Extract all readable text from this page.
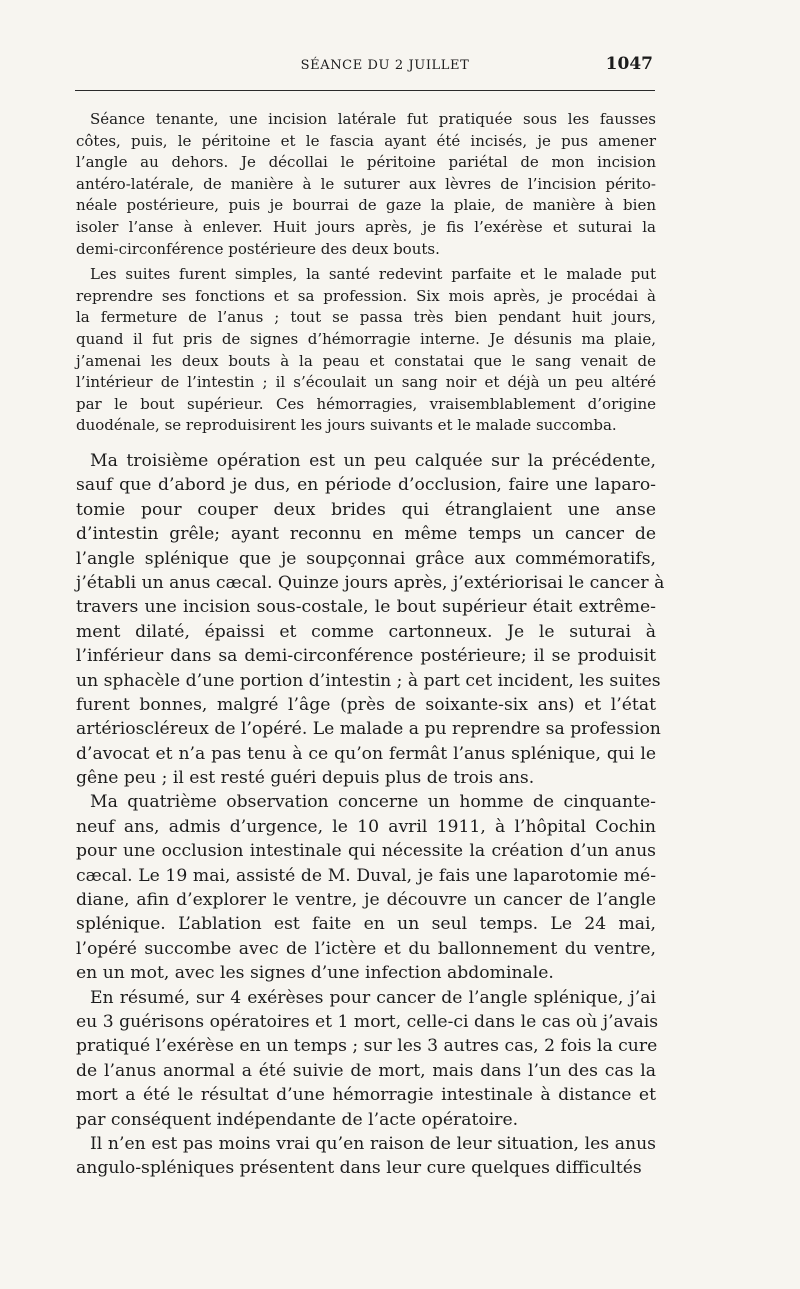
SÉANCE DU 2 JUILLET	1047
Séance tenante, une incision latérale fut pratiquée sous les fausses
côtes, puis, le péritoine et le fascia ayant été incisés, je pus amener
l’angle au dehors. Je décollai le péritoine pariétal de mon incision
antéro-latérale, de manière à le suturer aux lèvres de l’incision périto-
néale postérieure, puis je bourrai de gaze la plaie, de manière à bien
isoler l’anse à enlever. Huit jours après, je fis l’exérèse et suturai la
demi-circonférence postérieure des deux bouts.
Les suites furent simples, la santé redevint parfaite et le malade put
reprendre ses fonctions et sa profession. Six mois après, je procédai à
la fermeture de l’anus ; tout se passa très bien pendant huit jours,
quand il fut pris de signes d’hémorragie interne. Je désunis ma plaie,
j’amenai les deux bouts à la peau et constatai que le sang venait de
l’intérieur de l’intestin ; il s’écoulait un sang noir et déjà un peu altéré
par le bout supérieur. Ces hémorragies, vraisemblablement d’origine
duodénale, se reproduisirent les jours suivants et le malade succomba.
Ma troisième opération est un peu calquée sur la précédente,
sauf que d’abord je dus, en période d’occlusion, faire une laparo-
tomie pour couper deux brides qui étranglaient une anse
d’intestin grêle; ayant reconnu en même temps un cancer de
l’angle splénique que je soupçonnai grâce aux commémoratifs,
j’établi un anus cæcal. Quinze jours après, j’extériorisai le cancer à
travers une incision sous-costale, le bout supérieur était extrême-
ment dilaté, épaissi et comme cartonneux. Je le suturai à
l’inférieur dans sa demi-circonférence postérieure; il se produisit
un sphacèle d’une portion d’intestin ; à part cet incident, les suites
furent bonnes, malgré l’âge (près de soixante-six ans) et l’état
artérioscléreux de l’opéré. Le malade a pu reprendre sa profession
d’avocat et n’a pas tenu à ce qu’on fermât l’anus splénique, qui le
gêne peu ; il est resté guéri depuis plus de trois ans.
Ma quatrième observation concerne un homme de cinquante-
neuf ans, admis d’urgence, le 10 avril 1911, à l’hôpital Cochin
pour une occlusion intestinale qui nécessite la création d’un anus
cæcal. Le 19 mai, assisté de M. Duval, je fais une laparotomie mé-
diane, afin d’explorer le ventre, je découvre un cancer de l’angle
splénique. L’ablation est faite en un seul temps. Le 24 mai,
l’opéré succombe avec de l’ictère et du ballonnement du ventre,
en un mot, avec les signes d’une infection abdominale.
En résumé, sur 4 exérèses pour cancer de l’angle splénique, j’ai
eu 3 guérisons opératoires et 1 mort, celle-ci dans le cas où j’avais
pratiqué l’exérèse en un temps ; sur les 3 autres cas, 2 fois la cure
de l’anus anormal a été suivie de mort, mais dans l’un des cas la
mort a été le résultat d’une hémorragie intestinale à distance et
par conséquent indépendante de l’acte opératoire.
Il n’en est pas moins vrai qu’en raison de leur situation, les anus
angulo-spléniques présentent dans leur cure quelques difficultés
